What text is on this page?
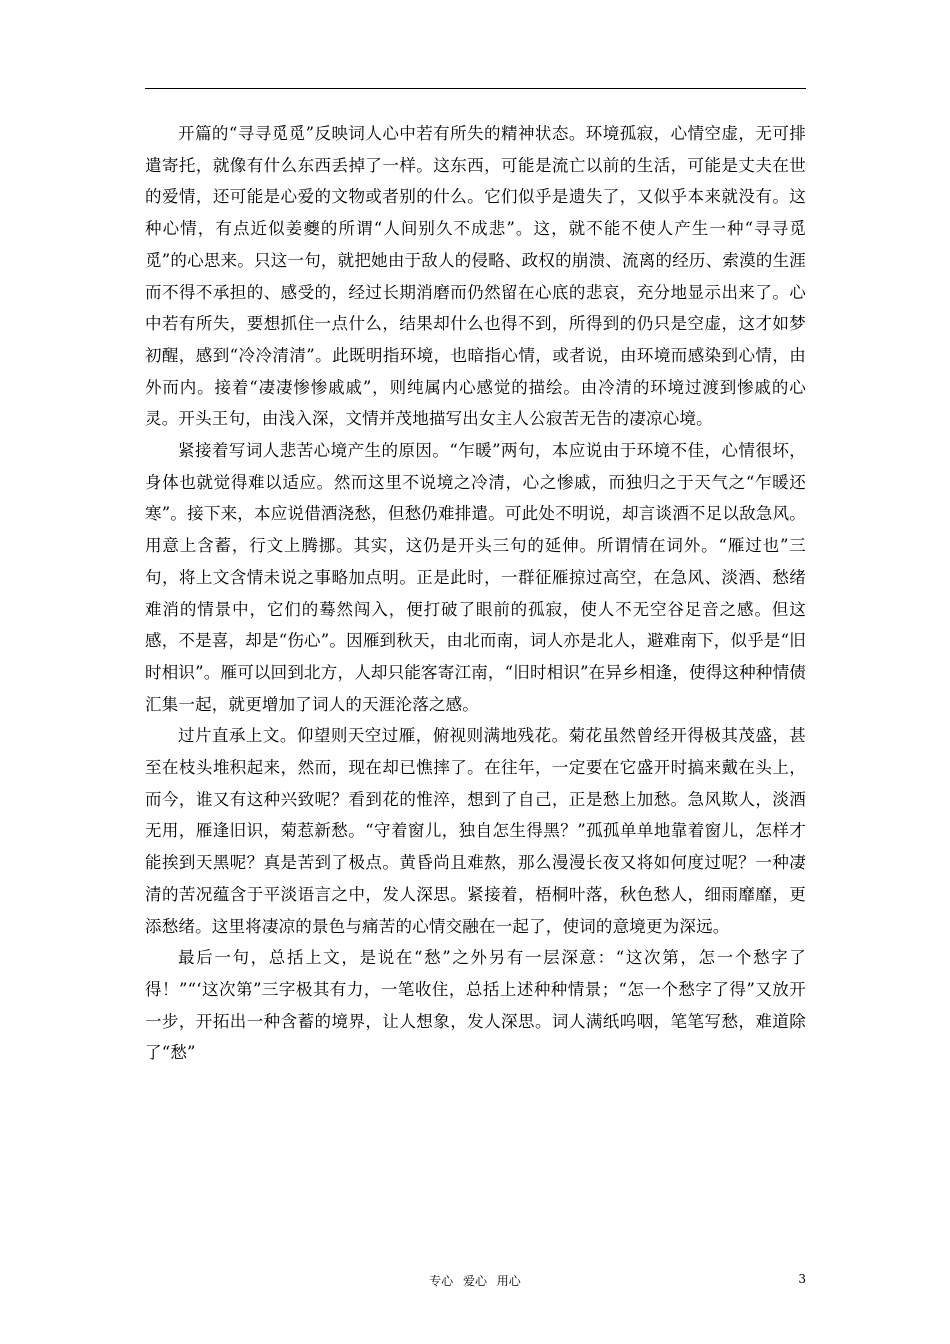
开篇的“寻寻觅觅”反映词人心中若有所失的精神状态。环境孤寂，心情空虚，无可排遣寄托，就像有什么东西丢掉了一样。这东西，可能是流亡以前的生活，可能是丈夫在世的爱情，还可能是心爱的文物或者别的什么。它们似乎是遗失了，又似乎本来就没有。这种心情，有点近似姜夔的所谓“人间别久不成悲”。这，就不能不使人产生一种“寻寻觅觅”的心思来。只这一句，就把她由于敌人的侵略、政权的崩溃、流离的经历、索漠的生涯而不得不承担的、感受的，经过长期消磨而仍然留在心底的悲哀，充分地显示出来了。心中若有所失，要想抓住一点什么，结果却什么也得不到，所得到的仍只是空虚，这才如梦初醒，感到“冷冷清清”。此既明指环境，也暗指心情，或者说，由环境而感染到心情，由外而内。接着“凄凄惨惨戚戚”，则纯属内心感觉的描绘。由冷清的环境过渡到惨戚的心灵。开头王句，由浅入深，文情并茂地描写出女主人公寂苦无告的凄凉心境。

紧接着写词人悲苦心境产生的原因。“乍暖”两句，本应说由于环境不佳，心情很坏，身体也就觉得难以适应。然而这里不说境之冷清，心之惨戚，而独归之于天气之“乍暖还寒”。接下来，本应说借酒浇愁，但愁仍难排遣。可此处不明说，却言谈酒不足以敌急风。用意上含蓄，行文上腾挪。其实，这仍是开头三句的延伸。所谓情在词外。“雁过也”三句，将上文含情未说之事略加点明。正是此时，一群征雁掠过高空，在急风、淡酒、愁绪难消的情景中，它们的蓦然闯入，便打破了眼前的孤寂，使人不无空谷足音之感。但这感，不是喜，却是“伤心”。因雁到秋天，由北而南，词人亦是北人，避难南下，似乎是“旧时相识”。雁可以回到北方，人却只能客寄江南，“旧时相识”在异乡相逢，使得这种种情债汇集一起，就更增加了词人的天涯沦落之感。

过片直承上文。仰望则天空过雁，俯视则满地残花。菊花虽然曾经开得极其茂盛，甚至在枝头堆积起来，然而，现在却已憔摔了。在往年，一定要在它盛开时搞来戴在头上，而今，谁又有这种兴致呢？看到花的惟淬，想到了自己，正是愁上加愁。急风欺人，淡酒无用，雁逢旧识，菊惹新愁。“守着窗儿，独自怎生得黑？”孤孤单单地靠着窗儿，怎样才能挨到天黑呢？真是苦到了极点。黄昏尚且难熬，那么漫漫长夜又将如何度过呢？一种凄清的苦况蕴含于平淡语言之中，发人深思。紧接着，梧桐叶落，秋色愁人，细雨靡靡，更添愁绪。这里将凄凉的景色与痛苦的心情交融在一起了，使词的意境更为深远。

最后一句，总括上文，是说在“愁”之外另有一层深意：“这次第，怎一个愁字了得！”“‘这次第”三字极其有力，一笔收住，总括上述种种情景；“怎一个愁字了得”又放开一步，开拓出一种含蓄的境界，让人想象，发人深思。词人满纸呜咽，笔笔写愁，难道除了“愁”

专心 爱心 用心	3
